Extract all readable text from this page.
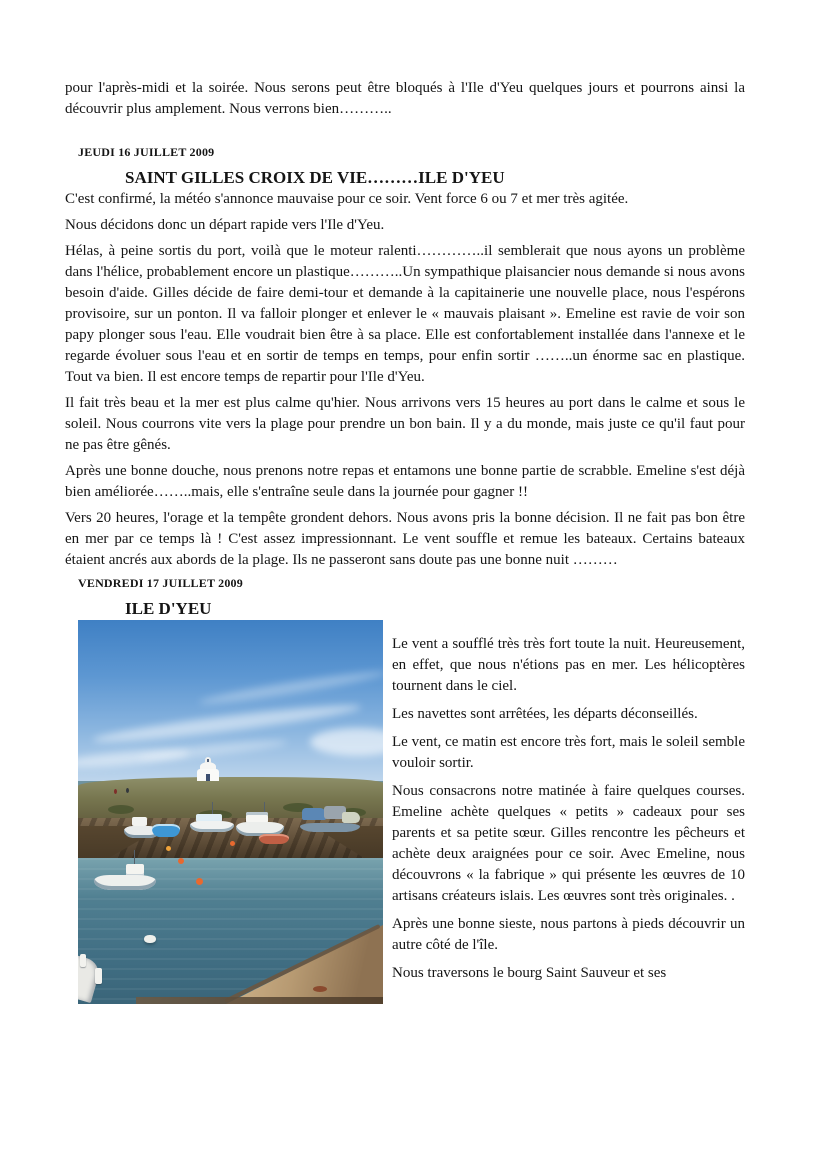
pour l'après-midi et la soirée. Nous serons peut être bloqués à l'Ile d'Yeu quelques jours et pourrons ainsi la découvrir plus amplement. Nous verrons bien………..

JEUDI 16 JUILLET 2009
SAINT GILLES CROIX DE VIE………ILE D'YEU

C'est confirmé, la météo s'annonce mauvaise pour ce soir. Vent force 6 ou 7 et mer très agitée.

Nous décidons donc un départ rapide vers l'Ile d'Yeu.

Hélas, à peine sortis du port, voilà que le moteur ralenti…………..il semblerait que nous ayons un problème dans l'hélice, probablement encore un plastique………..Un sympathique plaisancier nous demande si nous avons besoin d'aide. Gilles décide de faire demi-tour et demande à la capitainerie une nouvelle place, nous l'espérons provisoire, sur un ponton. Il va falloir plonger et enlever le « mauvais plaisant ». Emeline est ravie de voir son papy plonger sous l'eau. Elle voudrait bien être à sa place. Elle est confortablement installée dans l'annexe et le regarde évoluer sous l'eau et en sortir de temps en temps, pour enfin sortir ……..un énorme sac en plastique. Tout va bien. Il est encore temps de repartir pour l'Ile d'Yeu.

Il fait très beau et la mer est plus calme qu'hier. Nous arrivons vers 15 heures au port dans le calme et sous le soleil. Nous courrons vite vers la plage pour prendre un bon bain. Il y a du monde, mais juste ce qu'il faut pour ne pas être gênés.

Après une bonne douche, nous prenons notre repas et entamons une bonne partie de scrabble. Emeline s'est déjà bien améliorée……..mais, elle s'entraîne seule dans la journée pour gagner !!

Vers 20 heures, l'orage et la tempête grondent dehors. Nous avons pris la bonne décision. Il ne fait pas bon être en mer par ce temps là ! C'est assez impressionnant. Le vent souffle et remue les bateaux. Certains bateaux étaient ancrés aux abords de la plage. Ils ne passeront sans doute pas une bonne nuit ………

VENDREDI 17 JUILLET 2009
ILE D'YEU

Le vent a soufflé très très fort toute la nuit. Heureusement, en effet, que nous n'étions pas en mer. Les hélicoptères tournent dans le ciel.

Les navettes sont arrêtées, les départs déconseillés.

Le vent, ce matin est encore très fort, mais le soleil semble vouloir sortir.

Nous consacrons notre matinée à faire quelques courses. Emeline achète quelques « petits » cadeaux pour ses parents et sa petite sœur. Gilles rencontre les pêcheurs et achète deux araignées pour ce soir. Avec Emeline, nous découvrons « la fabrique » qui présente les œuvres de 10 artisans créateurs islais. Les œuvres sont très originales. .

Après une bonne sieste, nous partons à pieds découvrir un autre côté de l'île.

Nous traversons le bourg Saint Sauveur et ses
